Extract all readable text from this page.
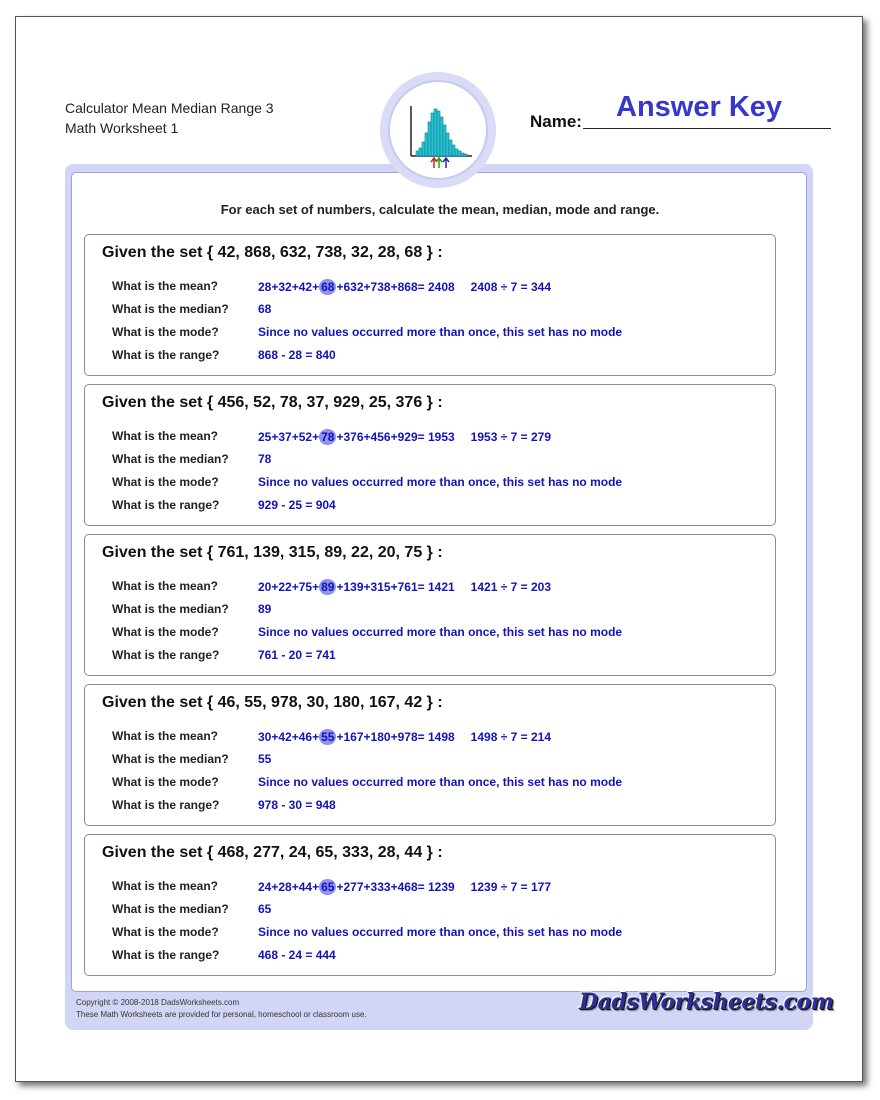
Calculator Mean Median Range 3
Math Worksheet 1	Name: Answer Key
For each set of numbers, calculate the mean, median, mode and range.
Given the set { 42, 868, 632, 738, 32, 28, 68 } :
What is the mean?	28+32+42+ 68 +632+738+868= 2408 2408 ÷ 7 = 344
What is the median? 68
What is the mode?	Since no values occurred more than once, this set has no mode
What is the range?	868 - 28 = 840
Given the set { 456, 52, 78, 37, 929, 25, 376 } :
What is the mean?	25+37+52+ 78 +376+456+929= 1953 1953 ÷ 7 = 279
What is the median? 78
What is the mode?	Since no values occurred more than once, this set has no mode
What is the range?	929 - 25 = 904
Given the set { 761, 139, 315, 89, 22, 20, 75 } :
What is the mean?	20+22+75+ 89 +139+315+761= 1421 1421 ÷ 7 = 203
What is the median? 89
What is the mode?	Since no values occurred more than once, this set has no mode
What is the range?	761 - 20 = 741
Given the set { 46, 55, 978, 30, 180, 167, 42 } :
What is the mean?	30+42+46+ 55 +167+180+978= 1498 1498 ÷ 7 = 214
What is the median? 55
What is the mode?	Since no values occurred more than once, this set has no mode
What is the range?	978 - 30 = 948
Given the set { 468, 277, 24, 65, 333, 28, 44 } :
What is the mean?	24+28+44+ 65 +277+333+468= 1239 1239 ÷ 7 = 177
What is the median? 65
What is the mode?	Since no values occurred more than once, this set has no mode
What is the range?	468 - 24 = 444
Copyright © 2008-2018 DadsWorksheets.com
These Math Worksheets are provided for personal, homeschool or classroom use.	DadsWorksheets.com
